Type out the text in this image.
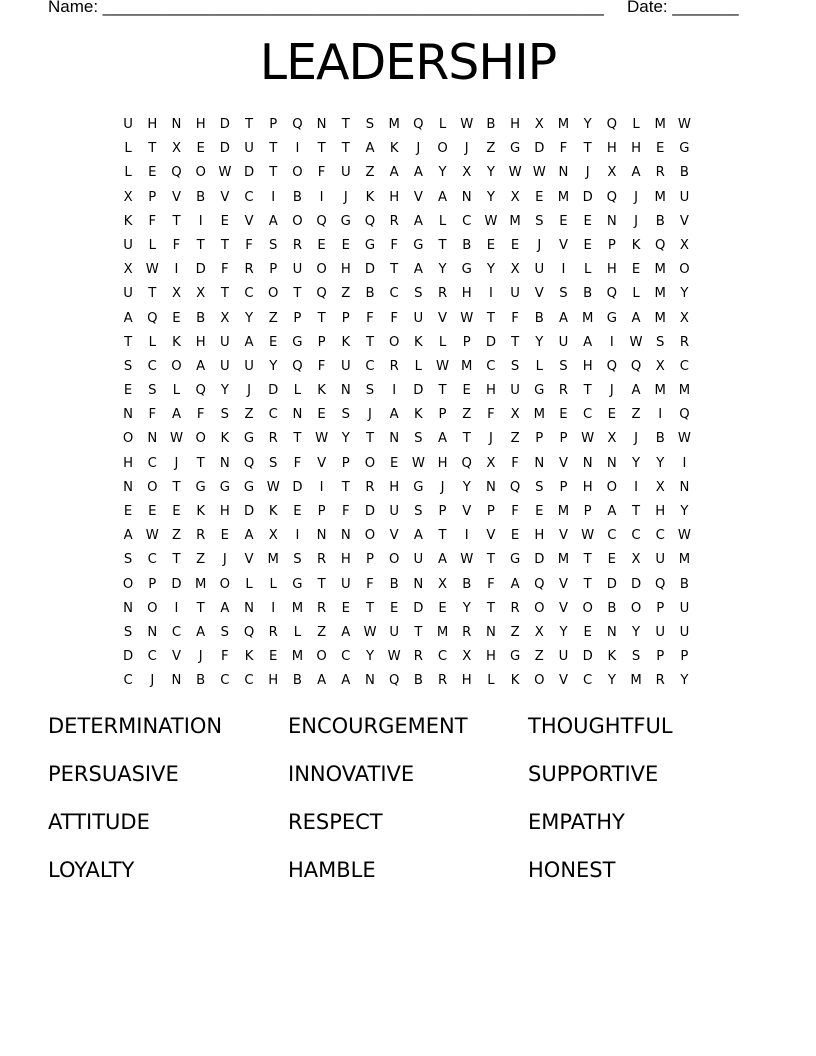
Name: _____________________________________________________

Date: _______

LEADERSHIP
U	H	N	H	D	T	P	Q	N	T	S	M	Q	L	W B	H	X	M	Y	Q	L	M W
L	T	X	E	D	U	T	I	T	T	A	K	J	O	J	Z	G	D	F	T	H	H	E	G
L	E	Q	O W D	T	O	F	U	Z	A	A	Y	X	Y	W W N	J	X	A	R	B
X	P	V	B	V	C	I	B	I	J	K	H	V	A	N	Y	X	E	M	D	Q	J	M	U
K	F	T	I	E	V	A	O	Q	G	Q	R	A	L	C W M	S	E	E	N	J	B	V
U	L	F	T	T	F	S	R	E	E	G	F	G	T	B	E	E	J	V	E	P	K	Q	X
X W	I	D	F	R	P	U	O	H	D	T	A	Y	G	Y	X	U	I	L	H	E	M	O
U	T	X	X	T	C	O	T	Q	Z	B	C	S	R	H	I	U	V	S	B	Q	L	M	Y
A	Q	E	B	X	Y	Z	P	T	P	F	F	U	V W	T	F	B	A	M	G	A	M	X
T	L	K	H	U	A	E	G	P	K	T	O	K	L	P	D	T	Y	U	A	I	W	S	R
S	C	O	A	U	U	Y	Q	F	U	C	R	L	W M	C	S	L	S	H	Q	Q	X	C
E	S	L	Q	Y	J	D	L	K	N	S	I	D	T	E	H	U	G	R	T	J	A	M M
N	F	A	F	S	Z	C	N	E	S	J	A	K	P	Z	F	X	M	E	C	E	Z	I	Q
O	N W O	K	G	R	T	W	Y	T	N	S	A	T	J	Z	P	P	W X	J	B W
H	C	J	T	N	Q	S	F	V	P	O	E	W H	Q	X	F	N	V	N	N	Y	Y	I
N	O	T	G	G	G W D	I	T	R	H	G	J	Y	N	Q	S	P	H	O	I	X	N
E	E	E	K	H	D	K	E	P	F	D	U	S	P	V	P	F	E	M	P	A	T	H	Y
A W Z	R	E	A	X	I	N	N	O	V	A	T	I	V	E	H	V W C	C	C W
S	C	T	Z	J	V	M	S	R	H	P	O	U	A W	T	G	D	M	T	E	X	U	M
O	P	D	M	O	L	L	G	T	U	F	B	N	X	B	F	A	Q	V	T	D	D	Q	B
N	O	I	T	A	N	I	M	R	E	T	E	D	E	Y	T	R	O	V	O	B	O	P	U
S	N	C	A	S	Q	R	L	Z	A W U	T	M	R	N	Z	X	Y	E	N	Y	U	U
D	C	V	J	F	K	E	M	O	C	Y	W R	C	X	H	G	Z	U	D	K	S	P	P
C	J	N	B	C	C	H	B	A	A	N	Q	B	R	H	L	K	O	V	C	Y	M	R	Y
DETERMINATION	ENCOURGEMENT	THOUGHTFUL
PERSUASIVE	INNOVATIVE	SUPPORTIVE
ATTITUDE	RESPECT	EMPATHY
LOYALTY	HAMBLE	HONEST
